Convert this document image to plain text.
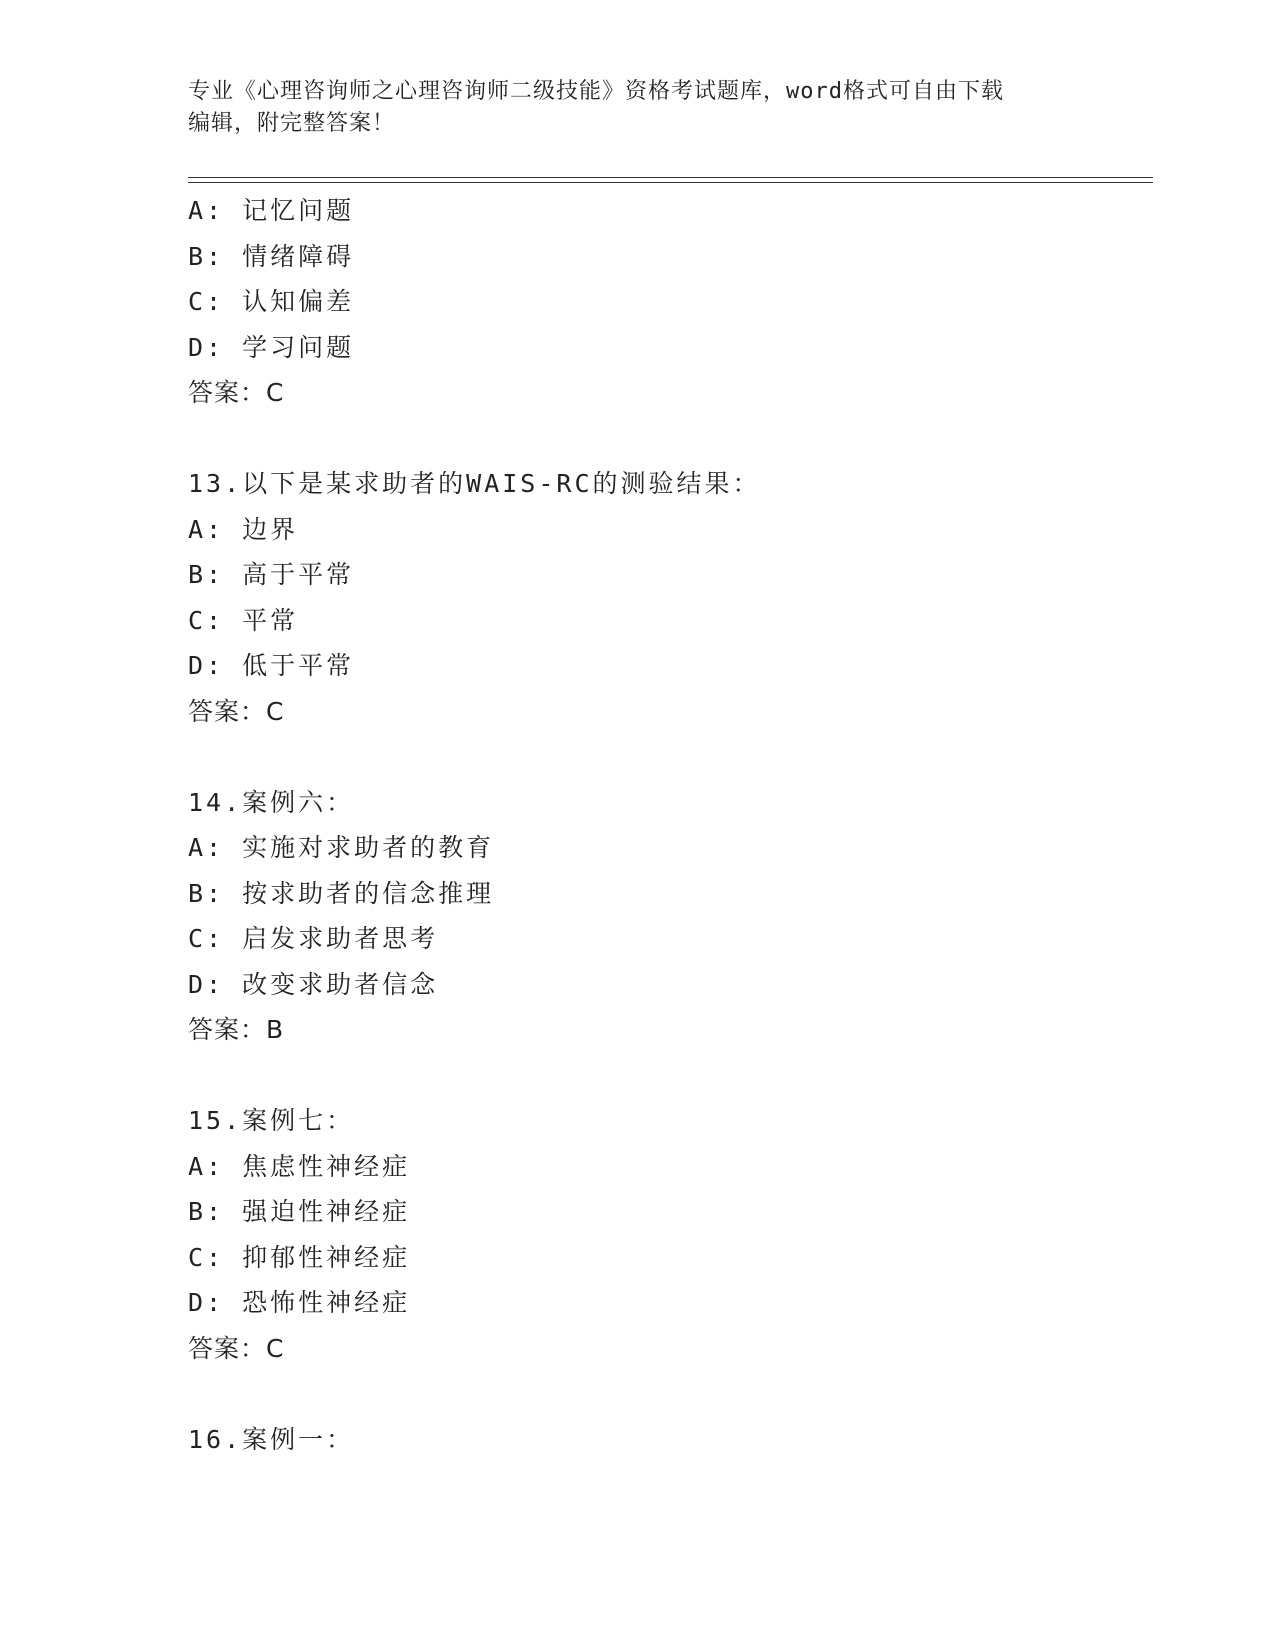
专业《心理咨询师之心理咨询师二级技能》资格考试题库，word格式可自由下载
编辑，附完整答案！
A: 记忆问题
B: 情绪障碍
C: 认知偏差
D: 学习问题
答案：C
13.以下是某求助者的WAIS-RC的测验结果：
A: 边界
B: 高于平常
C: 平常
D: 低于平常
答案：C
14.案例六：
A: 实施对求助者的教育
B: 按求助者的信念推理
C: 启发求助者思考
D: 改变求助者信念
答案：B
15.案例七：
A: 焦虑性神经症
B: 强迫性神经症
C: 抑郁性神经症
D: 恐怖性神经症
答案：C
16.案例一：
